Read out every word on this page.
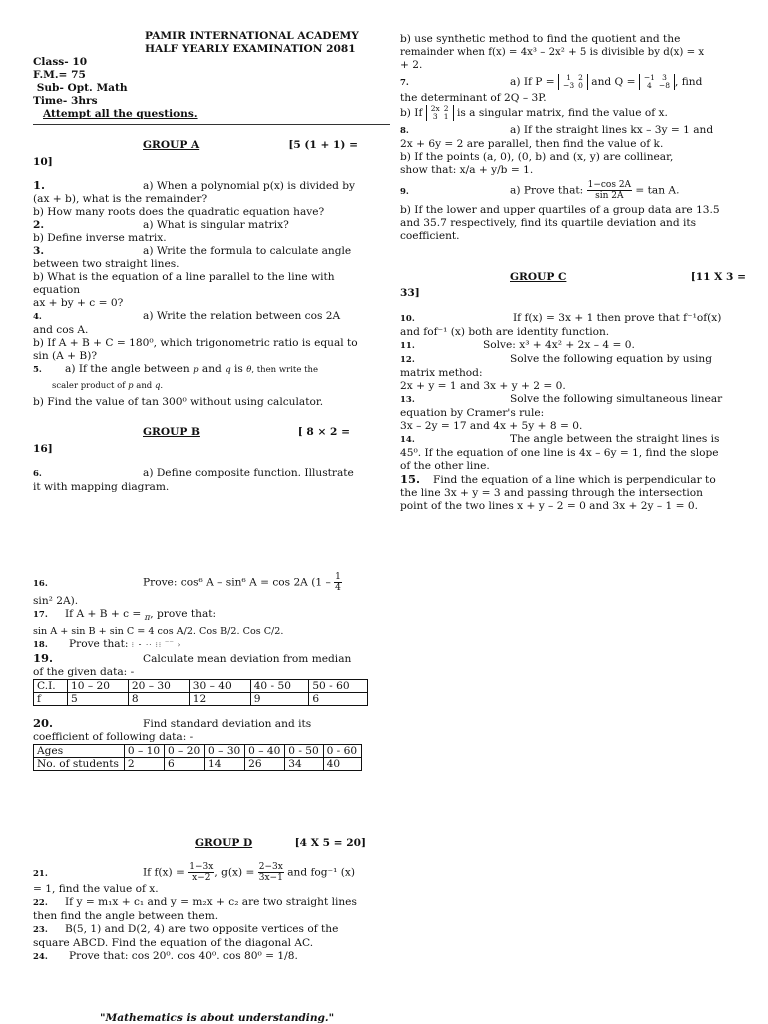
PAMIR INTERNATIONAL ACADEMY
HALF YEARLY EXAMINATION 2081
Class- 10
F.M.= 75
Sub- Opt. Math
Time- 3hrs
Attempt all the questions.
GROUP A	[5 (1 + 1) =
10]
1.	a) When a polynomial p(x) is divided by
(ax + b), what is the remainder?
b) How many roots does the quadratic equation have?
2.	a) What is singular matrix?
b) Define inverse matrix.
3.	a) Write the formula to calculate angle
between two straight lines.
b) What is the equation of a line parallel to the line with
equation
ax + by + c = 0?
4.	a) Write the relation between cos 2A
and cos A.
b) If A + B + C = 180⁰, which trigonometric ratio is equal to
sin (A + B)?
5. a) If the angle between p and q is θ, then write the
scaler product of p and q.
b) Find the value of tan 300⁰ without using calculator.
GROUP B	[ 8 × 2 =
16]
6.	a) Define composite function. Illustrate
it with mapping diagram.
16.	Prove: cos⁶ A – sin⁶ A = cos 2A ($1 - \frac{1}{4}$
sin² 2A).
17. If A + B + c = $_\pi$, prove that:
sin A + sin B + sin C = 4 cos A/2. Cos B/2. Cos C/2.
18. Prove that: ⁝ ⁃ ·· ⁝⁝ ‾‾ ›
19.	Calculate mean deviation from median
of the given data: -
C.I.	10 – 20	20 – 30	30 – 40	40 - 50	50 - 60
f	5	8	12	9	6
20.	Find standard deviation and its
coefficient of following data: -
Ages	0 – 10	0 – 20	0 – 30	0 – 40	0 - 50	0 - 60
No. of students	2	6	14	26	34	40
GROUP D	[4 X 5 = 20]
21.	If $f(x) = \frac{1-3x}{x-2}$ , $g(x) = \frac{2-3x}{3x-1}$ and fog⁻¹ (x)
= 1, find the value of x.
22. If y = m₁x + c₁ and y = m₂x + c₂ are two straight lines
then find the angle between them.
23. B(5, 1) and D(2, 4) are two opposite vertices of the
square ABCD. Find the equation of the diagonal AC.
24. Prove that: cos 20⁰. cos 40⁰. cos 80⁰ = 1/8.
b) use synthetic method to find the quotient and the
remainder when f(x) = 4x³ – 2x² + 5 is divisible by d(x) = x
+ 2.
7.	a) If P =	1
−3
2
0 and Q = −1
4
3
−8 , find
the determinant of 2Q – 3P.
b) If 2x
3
2
1 is a singular matrix, find the value of x.
8.	a) If the straight lines kx – 3y = 1 and
2x + 6y = 2 are parallel, then find the value of k.
b) If the points (a, 0), (0, b) and (x, y) are collinear,
show that: x/a + y/b = 1.
9.	a) Prove that: $\frac{1-\cos 2A}{\sin 2A} = \tan A$.
b) If the lower and upper quartiles of a group data are 13.5
and 35.7 respectively, find its quartile deviation and its
coefficient.
GROUP C	[11 X 3 =
33]
10.	If f(x) = 3x + 1 then prove that f⁻¹of(x)
and fof⁻¹ (x) both are identity function.
11.	Solve: x³ + 4x² + 2x – 4 = 0.
12.	Solve the following equation by using
matrix method:
2x + y = 1 and 3x + y + 2 = 0.
13.	Solve the following simultaneous linear
equation by Cramer's rule:
3x – 2y = 17 and 4x + 5y + 8 = 0.
14.	The angle between the straight lines is
45⁰. If the equation of one line is 4x – 6y = 1, find the slope
of the other line.
15. Find the equation of a line which is perpendicular to
the line 3x + y = 3 and passing through the intersection
point of the two lines x + y – 2 = 0 and 3x + 2y – 1 = 0.
"Mathematics is about understanding."
